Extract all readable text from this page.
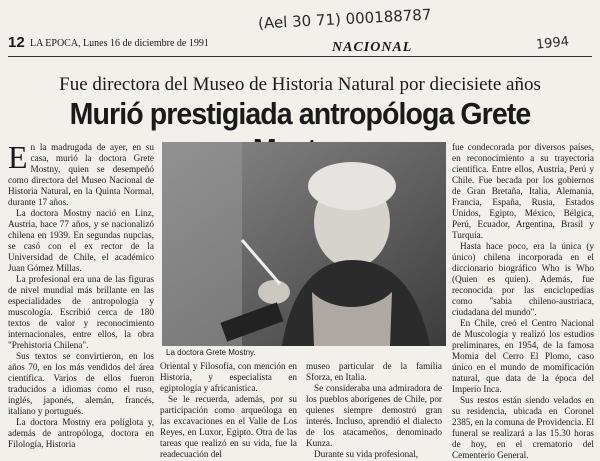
(Ael 30 71) 000188787
1994
12 LA EPOCA, Lunes 16 de diciembre de 1991	NACIONAL
Fue directora del Museo de Historia Natural por diecisiete años
Murió prestigiada antropóloga Grete

En la madrugada de ayer, en su casa, murió la doctora Grete Mostny, quien se desempeñó como directora del Museo Nacional de Historia Natural, en la Quinta Normal, durante 17 años.

La doctora Mostny nació en Linz, Austria, hace 77 años, y se nacionalizó chilena en 1939. En segundas nupcias, se casó con el ex rector de la Universidad de Chile, el académico Juan Gómez Millas.

La profesional era una de las figuras de nivel mundial más brillante en las especialidades de antropología y muscología. Escribió cerca de 180 textos de valor y reconocimiento internacionales, entre ellos, la obra "Prehistoria Chilena".

Sus textos se convirtieron, en los años 70, en los más vendidos del área científica. Varios de ellos fueron traducidos a idiomas como el ruso, inglés, japonés, alemán, francés, italiano y portugués.

La doctora Mostny era políglota y, además de antropóloga, doctora en Filología, Historia

La doctora Grete Mostny.

Oriental y Filosofía, con mención en Historia, y especialista en egiptología y africanística.

Se le recuerda, además, por su participación como arqueóloga en las excavaciones en el Valle de Los Reyes, en Luxor, Egipto. Otra de las tareas que realizó en su vida, fue la readecuación del

museo particular de la familia Sforza, en Italia.

Se consideraba una admiradora de los pueblos aborígenes de Chile, por quienes siempre demostró gran interés. Incluso, aprendió el dialecto de los atacameños, denominado Kunza.

Durante su vida profesional,

fue condecorada por diversos países, en reconocimiento a su trayectoria científica. Entre ellos, Austria, Perú y Chile. Fue becada por los gobiernos de Gran Bretaña, Italia, Alemania, Francia, España, Rusia, Estados Unidos, Egipto, México, Bélgica, Perú, Ecuador, Argentina, Brasil y Turquía.

Hasta hace poco, era la única (y único) chilena incorporada en el diccionario biográfico Who is Who (Quien es quien). Además, fue reconocida por las enciclopedias como "sabia chileno-austriaca, ciudadana del mundo".

En Chile, creó el Centro Nacional de Muscología y realizó los estudios preliminares, en 1954, de la famosa Momia del Cerro El Plomo, caso único en el mundo de momificación natural, que data de la época del Imperio Inca.

Sus restos están siendo velados en su residencia, ubicada en Coronel 2385, en la comuna de Providencia. El funeral se realizará a las 15.30 horas de hoy, en el crematorio del Cementerio General.
